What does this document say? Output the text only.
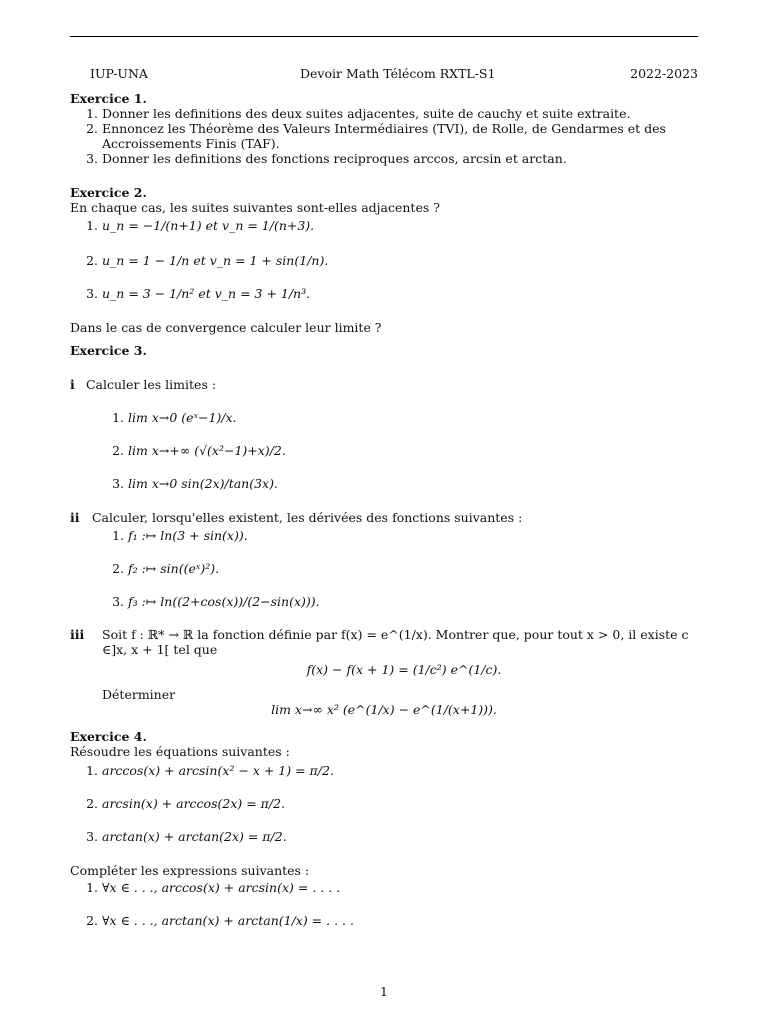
IUP-UNA	Devoir Math Télécom RXTL-S1	2022-2023
Exercice 1.
1. Donner les definitions des deux suites adjacentes, suite de cauchy et suite extraite.
2. Ennoncez les Théorème des Valeurs Intermédiaires (TVI), de Rolle, de Gendarmes et des Accroissements Finis (TAF).
3. Donner les definitions des fonctions reciproques arccos, arcsin et arctan.
Exercice 2.
En chaque cas, les suites suivantes sont-elles adjacentes ?
1. u_n = −1/(n+1) et v_n = 1/(n+3).
2. u_n = 1 − 1/n et v_n = 1 + sin(1/n).
3. u_n = 3 − 1/n² et v_n = 3 + 1/n³.
Dans le cas de convergence calculer leur limite ?
Exercice 3.
i Calculer les limites :
1. lim x→0 (eˣ−1)/x.
2. lim x→+∞ (√(x²−1)+x)/2.
3. lim x→0 sin(2x)/tan(3x).
ii Calculer, lorsqu'elles existent, les dérivées des fonctions suivantes :
1. f₁ :↦ ln(3 + sin(x)).
2. f₂ :↦ sin((eˣ)²).
3. f₃ :↦ ln((2+cos(x))/(2−sin(x))).
iii	Soit f : ℝ* → ℝ la fonction définie par f(x) = e^(1/x). Montrer que, pour tout x > 0, il existe c ∈]x, x + 1[ tel que
f(x) − f(x + 1) = (1/c²) e^(1/c).
Déterminer
lim x→∞ x² (e^(1/x) − e^(1/(x+1))).
Exercice 4.
Résoudre les équations suivantes :
1. arccos(x) + arcsin(x² − x + 1) = π/2.
2. arcsin(x) + arccos(2x) = π/2.
3. arctan(x) + arctan(2x) = π/2.
Compléter les expressions suivantes :
1. ∀x ∈ . . ., arccos(x) + arcsin(x) = . . . .
2. ∀x ∈ . . ., arctan(x) + arctan(1/x) = . . . .
1
